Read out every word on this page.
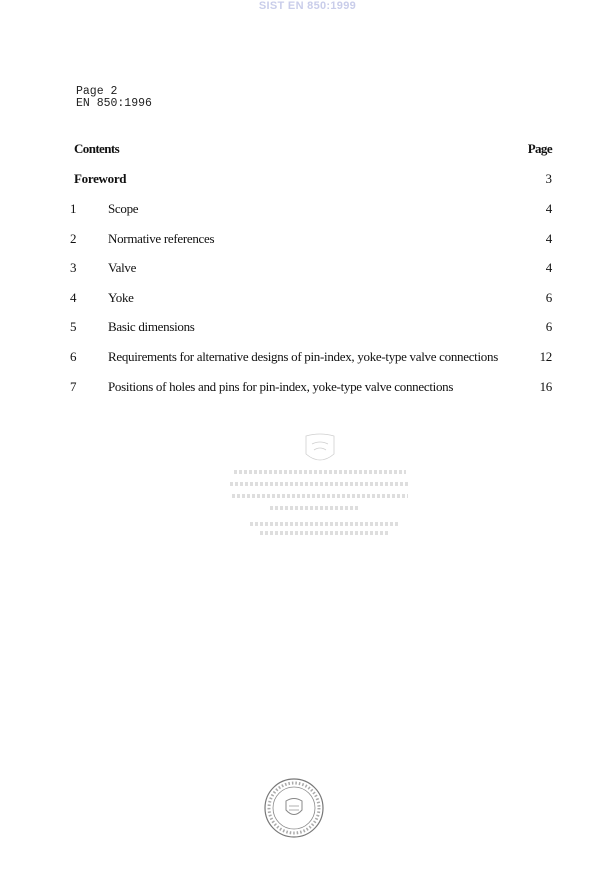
SIST EN 850:1999
Page 2
EN 850:1996
Contents	Page
Foreword	3
1	Scope	4
2	Normative references	4
3	Valve	4
4	Yoke	6
5	Basic dimensions	6
6	Requirements for alternative designs of pin-index, yoke-type valve connections	12
7	Positions of holes and pins for pin-index, yoke-type valve connections	16
